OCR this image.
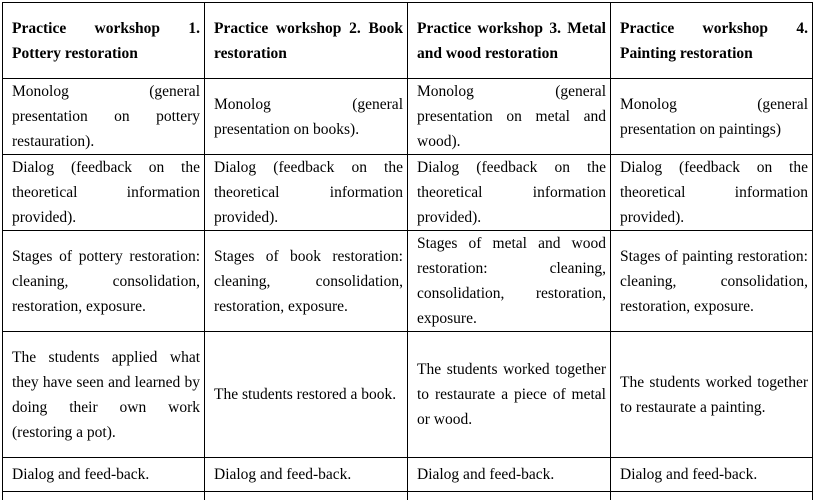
Practice workshop 1. Pottery restoration	Practice workshop 2. Book restoration	Practice workshop 3. Metal and wood restoration	Practice workshop 4. Painting restoration
Monolog (general presentation on pottery restauration).	Monolog (general presentation on books).	Monolog (general presentation on metal and wood).	Monolog (general presentation on paintings)
Dialog (feedback on the theoretical information provided).	Dialog (feedback on the theoretical information provided).	Dialog (feedback on the theoretical information provided).	Dialog (feedback on the theoretical information provided).
Stages of pottery restoration: cleaning, consolidation, restoration, exposure.	Stages of book restoration: cleaning, consolidation, restoration, exposure.	Stages of metal and wood restoration: cleaning, consolidation, restoration, exposure.	Stages of painting restoration: cleaning, consolidation, restoration, exposure.
The students applied what they have seen and learned by doing their own work (restoring a pot).	The students restored a book.	The students worked together to restaurate a piece of metal or wood.	The students worked together to restaurate a painting.
Dialog and feed-back.	Dialog and feed-back.	Dialog and feed-back.	Dialog and feed-back.
